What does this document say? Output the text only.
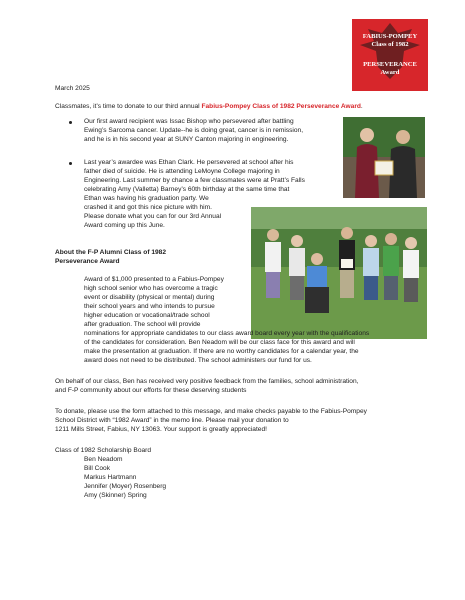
FABIUS-POMPEY
Class of 1982
PERSEVERANCE
Award

March 2025

Classmates, it’s time to donate to our third annual Fabius-Pompey Class of 1982 Perseverance Award.

Our first award recipient was Issac Bishop who persevered after battling

Ewing’s Sarcoma cancer. Update--he is doing great, cancer is in remission,

and he is in his second year at SUNY Canton majoring in engineering.

Last year’s awardee was Ethan Clark. He persevered at school after his

father died of suicide. He is attending LeMoyne College majoring in

Engineering. Last summer by chance a few classmates were at Pratt’s Falls

celebrating Amy (Valletta) Barney’s 60th birthday at the same time that

Ethan was having his graduation party. We

crashed it and got this nice picture with him.

Please donate what you can for our 3rd Annual

Award coming up this June.

About the F-P Alumni Class of 1982

Perseverance Award

Award of $1,000 presented to a Fabius-Pompey

high school senior who has overcome a tragic

event or disability (physical or mental) during

their school years and who intends to pursue

higher education or vocational/trade school

after graduation. The school will provide

nominations for appropriate candidates to our class award board every year with the qualifications

of the candidates for consideration. Ben Neadom will be our class face for this award and will

make the presentation at graduation. If there are no worthy candidates for a calendar year, the

award does not need to be distributed. The school administers our fund for us.

On behalf of our class, Ben has received very positive feedback from the families, school administration,

and F-P community about our efforts for these deserving students

To donate, please use the form attached to this message, and make checks payable to the Fabius-Pompey

School District with “1982 Award” in the memo line. Please mail your donation to

1211 Mills Street, Fabius, NY 13063. Your support is greatly appreciated!

Class of 1982 Scholarship Board

Ben Neadom

Bill Cook

Markus Hartmann

Jennifer (Moyer) Rosenberg

Amy (Skinner) Spring
